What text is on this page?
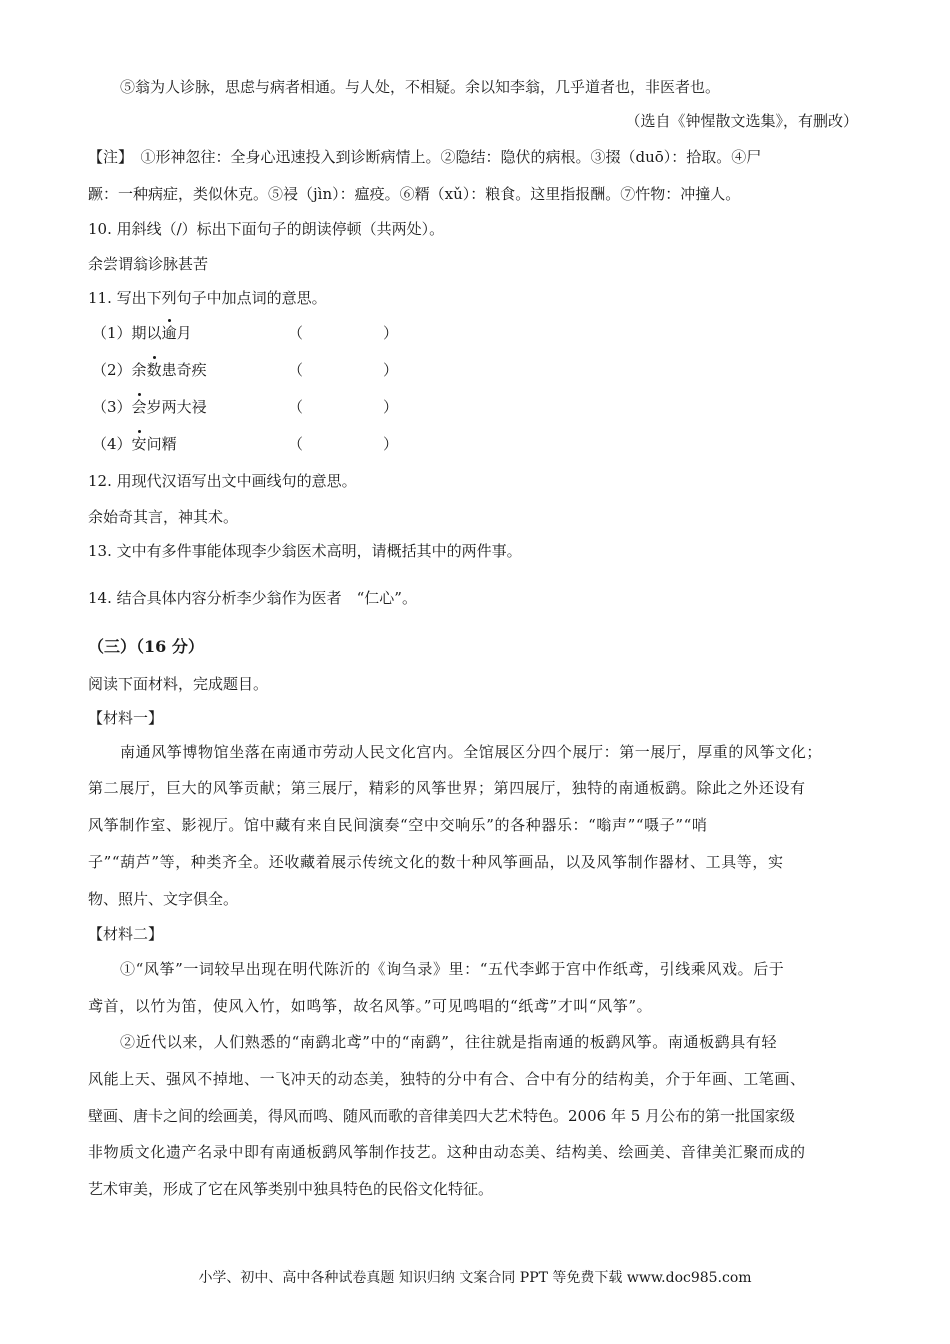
⑤翁为人诊脉，思虑与病者相通。与人处，不相疑。余以知李翁，几乎道者也，非医者也。
（选自《钟惺散文选集》，有删改）
【注】　①形神忽往：全身心迅速投入到诊断病情上。②隐结：隐伏的病根。③掇（duō）：拾取。④尸
蹶：一种病症，类似休克。⑤祲（jìn）：瘟疫。⑥糈（xǔ）：粮食。这里指报酬。⑦忤物：冲撞人。
10. 用斜线（/）标出下面句子的朗读停顿（共两处）。
余尝谓翁诊脉甚苦
11. 写出下列句子中加点词的意思。
（1）期以逾月	（	）
（2）余数患奇疾	（	）
（3）会岁两大祲	（	）
（4）安问糈	（	）
12. 用现代汉语写出文中画线句的意思。
余始奇其言，神其术。
13. 文中有多件事能体现李少翁医术高明，请概括其中的两件事。
14. 结合具体内容分析李少翁作为医者　“仁心”。
（三）（16 分）
阅读下面材料，完成题目。
【材料一】
南通风筝博物馆坐落在南通市劳动人民文化宫内。全馆展区分四个展厅：第一展厅，厚重的风筝文化；
第二展厅，巨大的风筝贡献；第三展厅，精彩的风筝世界；第四展厅，独特的南通板鹞。除此之外还设有
风筝制作室、影视厅。馆中藏有来自民间演奏“空中交响乐”的各种器乐：“嗡声”“嗫子”“哨
子”“葫芦”等，种类齐全。还收藏着展示传统文化的数十种风筝画品，以及风筝制作器材、工具等，实
物、照片、文字俱全。
【材料二】
①“风筝”一词较早出现在明代陈沂的《询刍录》里：“五代李邺于宫中作纸鸢，引线乘风戏。后于
鸢首，以竹为笛，使风入竹，如鸣筝，故名风筝。”可见鸣唱的“纸鸢”才叫“风筝”。
②近代以来，人们熟悉的“南鹞北鸢”中的“南鹞”，往往就是指南通的板鹞风筝。南通板鹞具有轻
风能上天、强风不掉地、一飞冲天的动态美，独特的分中有合、合中有分的结构美，介于年画、工笔画、
壁画、唐卡之间的绘画美，得风而鸣、随风而歌的音律美四大艺术特色。2006 年 5 月公布的第一批国家级
非物质文化遗产名录中即有南通板鹞风筝制作技艺。这种由动态美、结构美、绘画美、音律美汇聚而成的
艺术审美，形成了它在风筝类别中独具特色的民俗文化特征。
小学、初中、高中各种试卷真题 知识归纳 文案合同 PPT 等免费下载 www.doc985.com
